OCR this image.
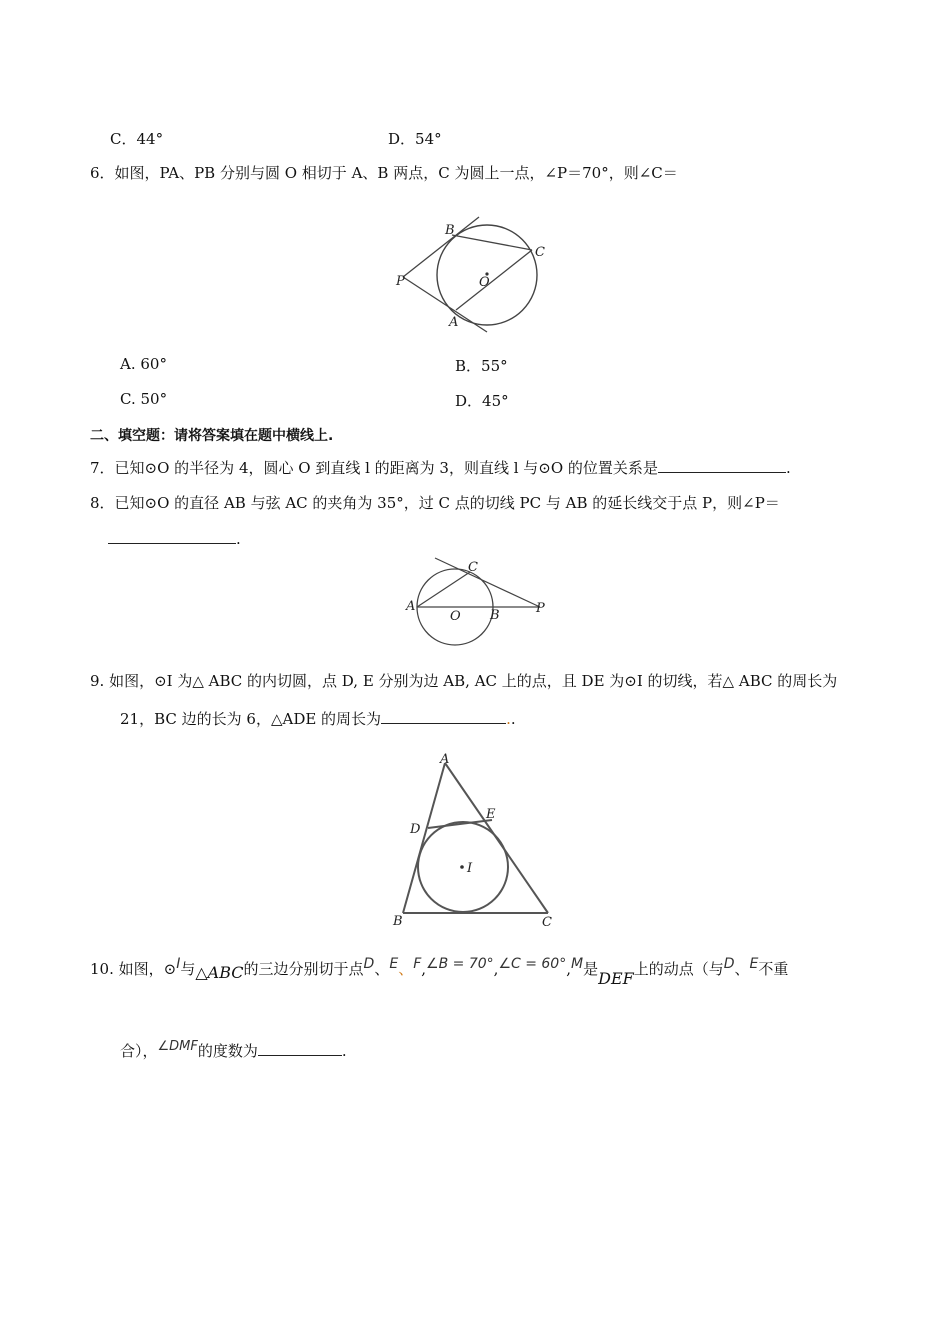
C．44°	D．54°
6．如图，PA、PB 分别与圆 O 相切于 A、B 两点，C 为圆上一点，∠P＝70°，则∠C＝
B
C
P	O
A
A. 60°	B．55°
C. 50°	D．45°
二、填空题：请将答案填在题中横线上.
7．已知⊙O 的半径为 4，圆心 O 到直线 l 的距离为 3，则直线 l 与⊙O 的位置关系是	.
8．已知⊙O 的直径 AB 与弦 AC 的夹角为 35°，过 C 点的切线 PC 与 AB 的延长线交于点 P，则∠P＝
.
C
A
O B	P
9. 如图，⊙I 为△ ABC 的内切圆，点 D, E 分别为边 AB, AC 上的点，且 DE 为⊙I 的切线，若△ ABC 的周长为
21，BC 边的长为 6，△ADE 的周长为	..
A
E
D
I
B	C
10. 如图，⊙I与△ABC的三边分别切于点D、E、F,∠B = 70°,∠C = 60°,M是DEF上的动点（与D、E不重
合），∠DMF的度数为	.
